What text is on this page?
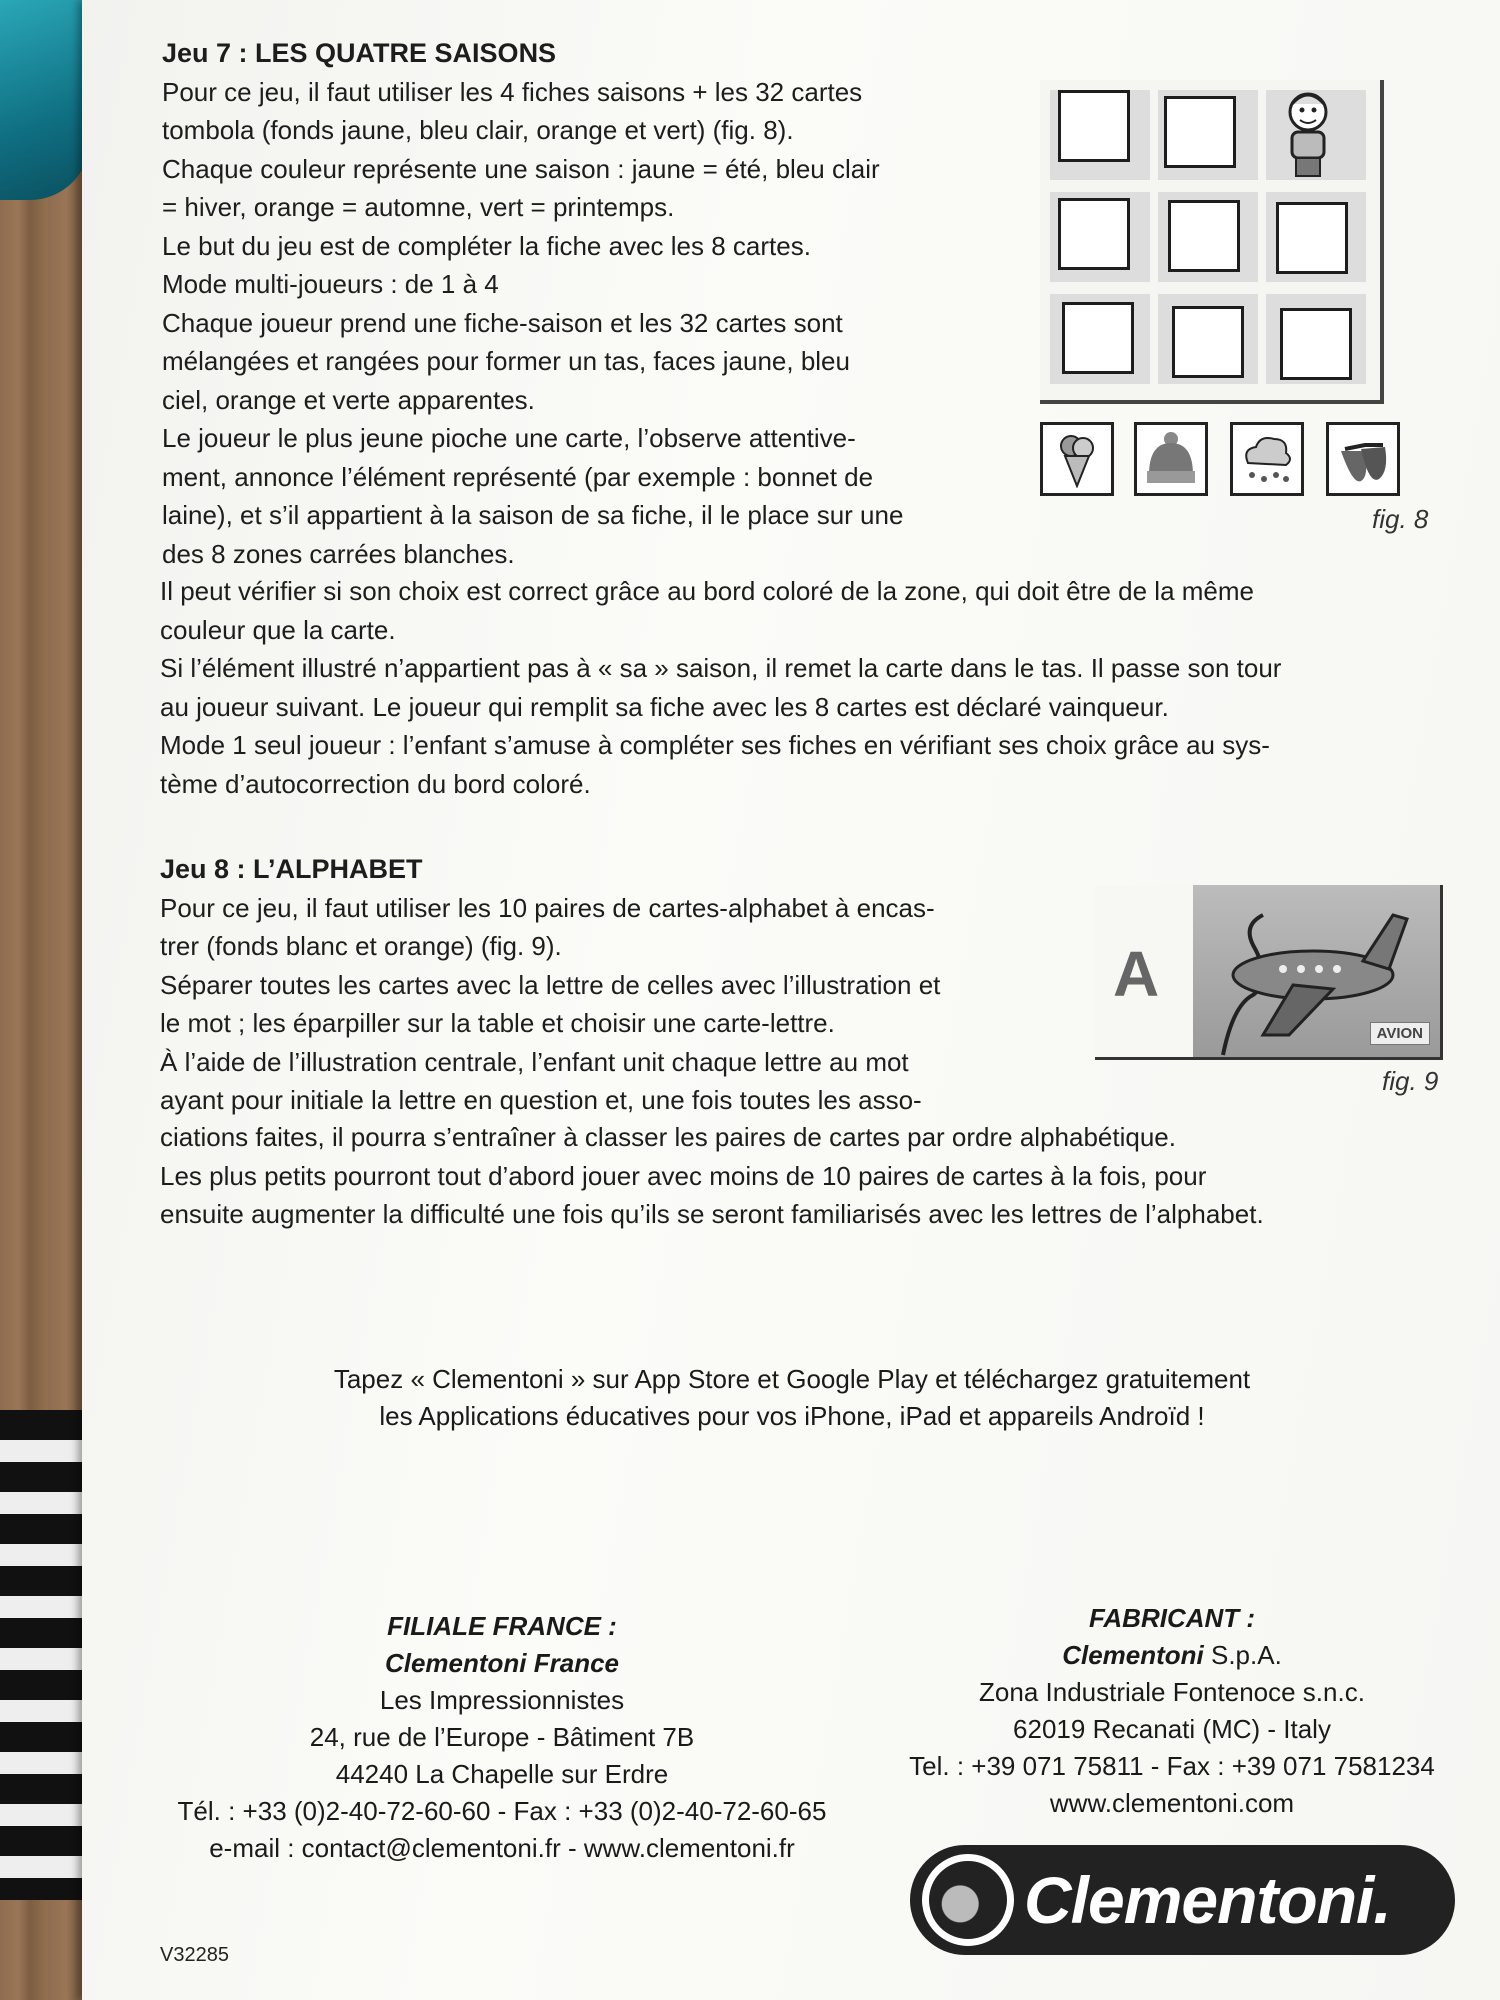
Jeu 7 : LES QUATRE SAISONS

Pour ce jeu, il faut utiliser les 4 fiches saisons + les 32 cartes

tombola (fonds jaune, bleu clair, orange et vert) (fig. 8).

Chaque couleur représente une saison : jaune = été, bleu clair

= hiver, orange = automne, vert = printemps.

Le but du jeu est de compléter la fiche avec les 8 cartes.

Mode multi-joueurs : de 1 à 4

Chaque joueur prend une fiche-saison et les 32 cartes sont

mélangées et rangées pour former un tas, faces jaune, bleu

ciel, orange et verte apparentes.

Le joueur le plus jeune pioche une carte, l’observe attentive-

ment, annonce l’élément représenté (par exemple : bonnet de

laine), et s’il appartient à la saison de sa fiche, il le place sur une

des 8 zones carrées blanches.

Il peut vérifier si son choix est correct grâce au bord coloré de la zone, qui doit être de la même

couleur que la carte.

Si l’élément illustré n’appartient pas à « sa » saison, il remet la carte dans le tas. Il passe son tour

au joueur suivant. Le joueur qui remplit sa fiche avec les 8 cartes est déclaré vainqueur.

Mode 1 seul joueur : l’enfant s’amuse à compléter ses fiches en vérifiant ses choix grâce au sys-

tème d’autocorrection du bord coloré.

fig. 8

Jeu 8 : L’ALPHABET

Pour ce jeu, il faut utiliser les 10 paires de cartes-alphabet à encas-

trer (fonds blanc et orange) (fig. 9).

Séparer toutes les cartes avec la lettre de celles avec l’illustration et

le mot ; les éparpiller sur la table et choisir une carte-lettre.

À l’aide de l’illustration centrale, l’enfant unit chaque lettre au mot

ayant pour initiale la lettre en question et, une fois toutes les asso-

ciations faites, il pourra s’entraîner à classer les paires de cartes par ordre alphabétique.

Les plus petits pourront tout d’abord jouer avec moins de 10 paires de cartes à la fois, pour

ensuite augmenter la difficulté une fois qu’ils se seront familiarisés avec les lettres de l’alphabet.

A
AVION
fig. 9
Tapez « Clementoni » sur App Store et Google Play et téléchargez gratuitement
les Applications éducatives pour vos iPhone, iPad et appareils Androïd !
FILIALE FRANCE :
Clementoni France
Les Impressionnistes
24, rue de l’Europe - Bâtiment 7B
44240 La Chapelle sur Erdre
Tél. : +33 (0)2-40-72-60-60 - Fax : +33 (0)2-40-72-60-65
e-mail : contact@clementoni.fr - www.clementoni.fr
FABRICANT :
Clementoni S.p.A.
Zona Industriale Fontenoce s.n.c.
62019 Recanati (MC) - Italy
Tel. : +39 071 75811 - Fax : +39 071 7581234
www.clementoni.com
Clementoni.
V32285
